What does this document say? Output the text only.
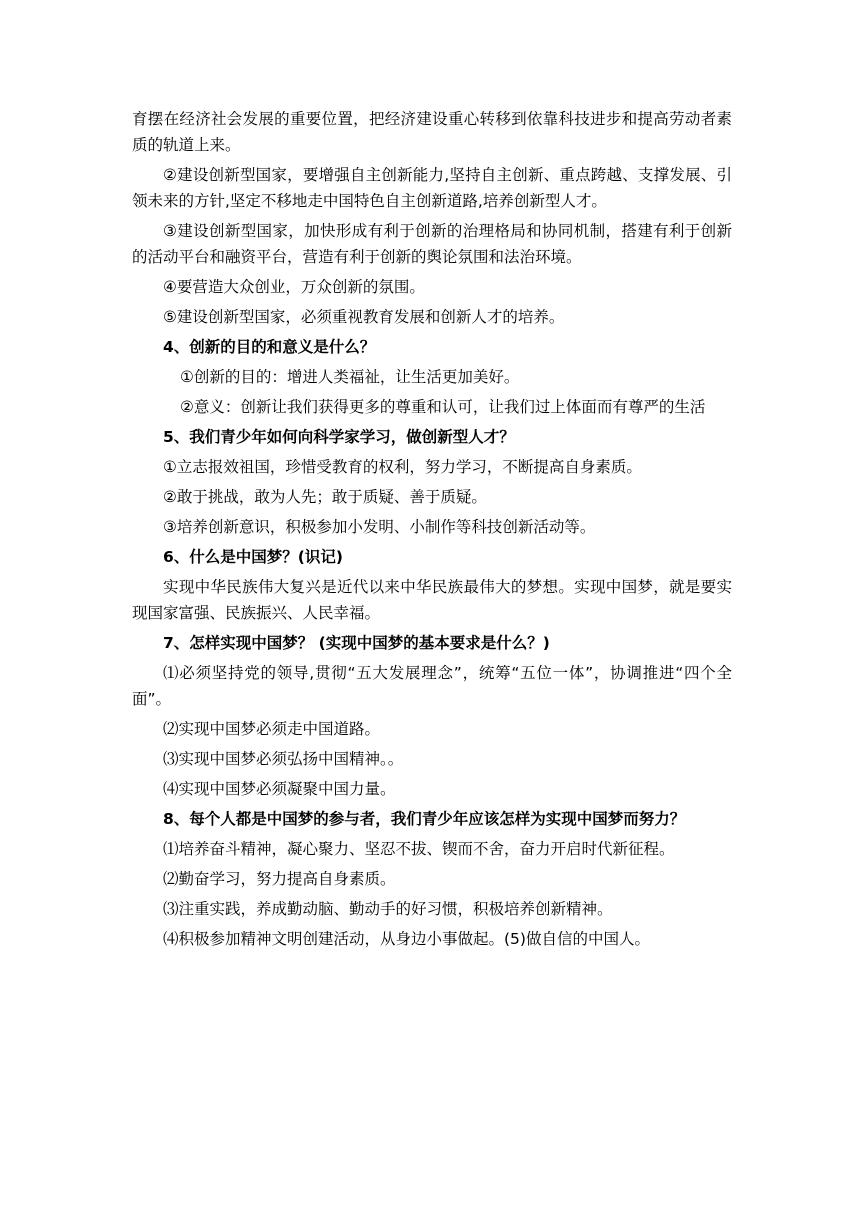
育摆在经济社会发展的重要位置，把经济建设重心转移到依靠科技进步和提高劳动者素质的轨道上来。

②建设创新型国家，要增强自主创新能力,坚持自主创新、重点跨越、支撑发展、引领未来的方针,坚定不移地走中国特色自主创新道路,培养创新型人才。

③建设创新型国家，加快形成有利于创新的治理格局和协同机制，搭建有利于创新的活动平台和融资平台，营造有利于创新的舆论氛围和法治环境。

④要营造大众创业，万众创新的氛围。

⑤建设创新型国家，必须重视教育发展和创新人才的培养。

4、创新的目的和意义是什么？

①创新的目的：增进人类福祉，让生活更加美好。

②意义：创新让我们获得更多的尊重和认可，让我们过上体面而有尊严的生活

5、我们青少年如何向科学家学习，做创新型人才？

①立志报效祖国，珍惜受教育的权利，努力学习，不断提高自身素质。

②敢于挑战，敢为人先；敢于质疑、善于质疑。

③培养创新意识，积极参加小发明、小制作等科技创新活动等。

6、什么是中国梦？(识记)

实现中华民族伟大复兴是近代以来中华民族最伟大的梦想。实现中国梦，就是要实现国家富强、民族振兴、人民幸福。

7、怎样实现中国梦？ (实现中国梦的基本要求是什么？)

⑴必须坚持党的领导,贯彻“五大发展理念”，统筹“五位一体”，协调推进“四个全面”。

⑵实现中国梦必须走中国道路。

⑶实现中国梦必须弘扬中国精神。。

⑷实现中国梦必须凝聚中国力量。

8、每个人都是中国梦的参与者，我们青少年应该怎样为实现中国梦而努力？

⑴培养奋斗精神，凝心聚力、坚忍不拔、锲而不舍，奋力开启时代新征程。

⑵勤奋学习，努力提高自身素质。

⑶注重实践，养成勤动脑、勤动手的好习惯，积极培养创新精神。

⑷积极参加精神文明创建活动，从身边小事做起。(5)做自信的中国人。
